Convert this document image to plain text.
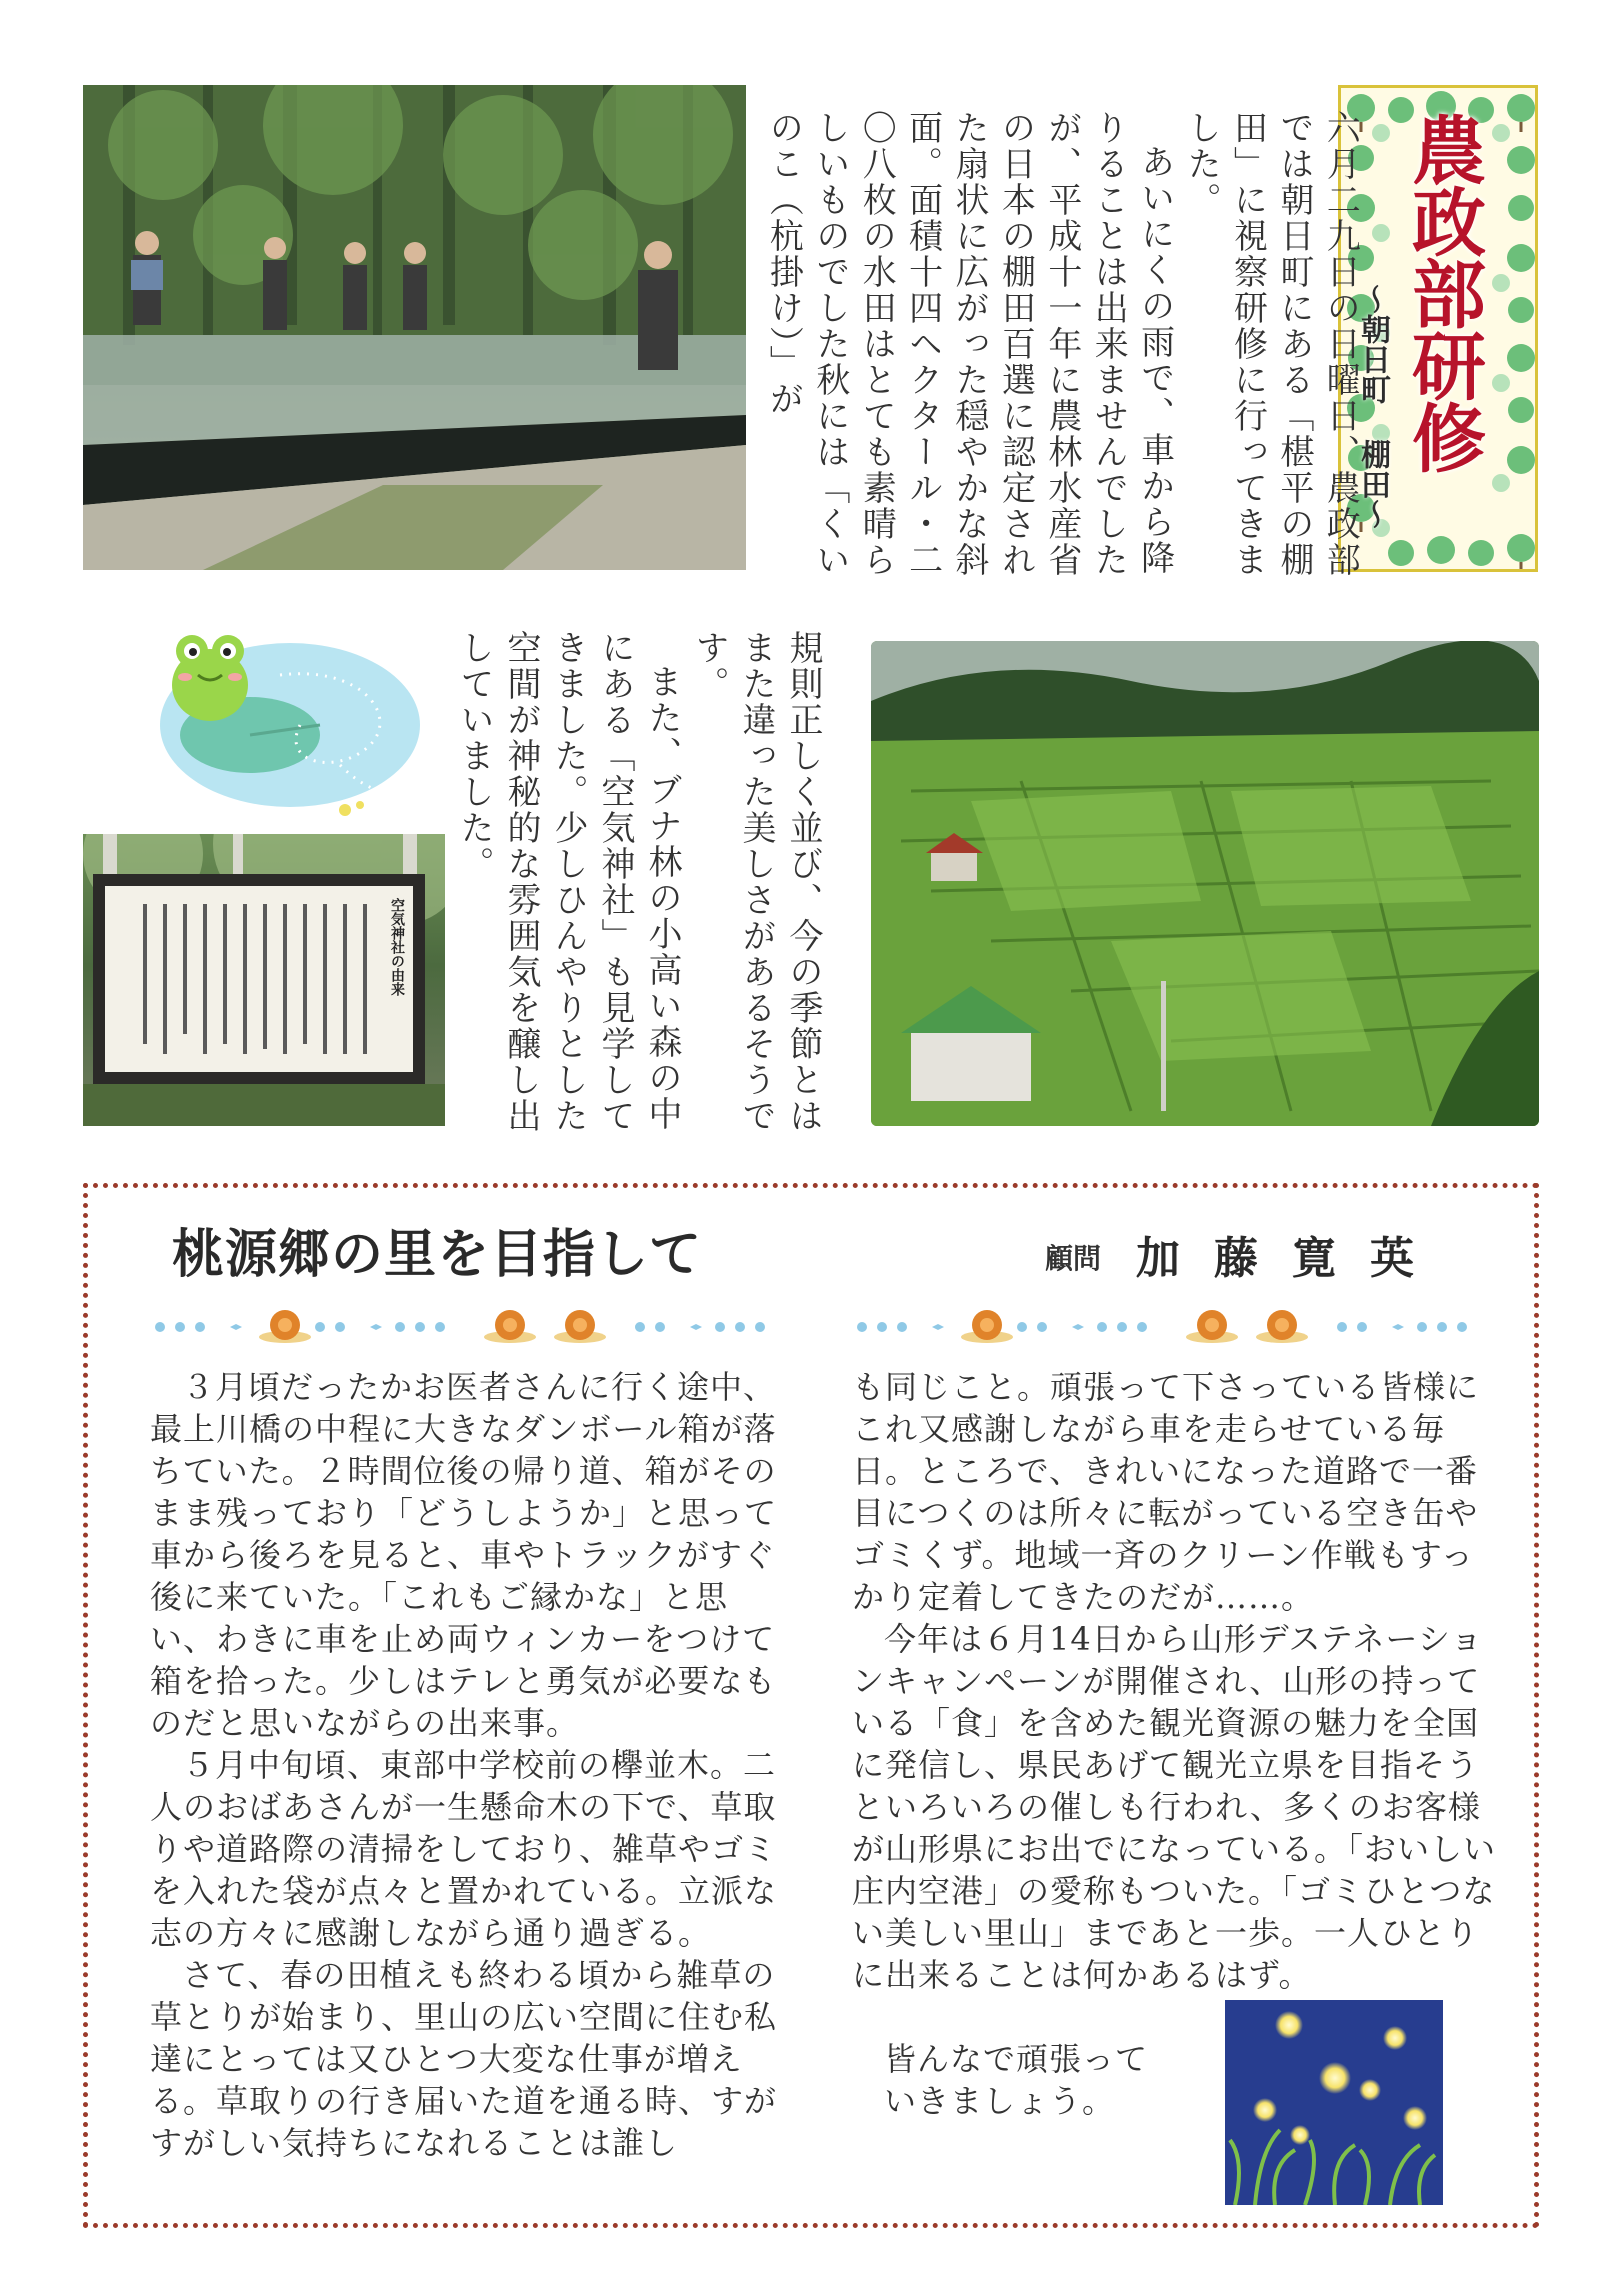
農政部研修
〜朝日町 棚田〜

六月二九日の日曜日、農政部では朝日町にある「椹平の棚田」に視察研修に行ってきました。

あいにくの雨で、車から降りることは出来ませんでしたが、平成十一年に農林水産省の日本の棚田百選に認定された扇状に広がった穏やかな斜面。面積十四ヘクタール・二〇八枚の水田はとても素晴らしいものでした秋には「くいのこ（杭掛け）」が

空気神社の由来	規則正しく並び、今の季節とはまた違った美しさがあるそうです。

また、ブナ林の小高い森の中にある「空気神社」も見学してきました。少しひんやりとした空間が神秘的な雰囲気を醸し出していました。

桃源郷の里を目指して	顧問 加藤寛英

３月頃だったかお医者さんに行く途中、最上川橋の中程に大きなダンボール箱が落ちていた。２時間位後の帰り道、箱がそのまま残っており「どうしようか」と思って車から後ろを見ると、車やトラックがすぐ後に来ていた。「これもご縁かな」と思い、わきに車を止め両ウィンカーをつけて箱を拾った。少しはテレと勇気が必要なものだと思いながらの出来事。

５月中旬頃、東部中学校前の欅並木。二人のおばあさんが一生懸命木の下で、草取りや道路際の清掃をしており、雑草やゴミを入れた袋が点々と置かれている。立派な志の方々に感謝しながら通り過ぎる。

さて、春の田植えも終わる頃から雑草の草とりが始まり、里山の広い空間に住む私達にとっては又ひとつ大変な仕事が増える。草取りの行き届いた道を通る時、すがすがしい気持ちになれることは誰し

も同じこと。頑張って下さっている皆様にこれ又感謝しながら車を走らせている毎日。ところで、きれいになった道路で一番目につくのは所々に転がっている空き缶やゴミくず。地域一斉のクリーン作戦もすっかり定着してきたのだが……。

今年は６月14日から山形デステネーションキャンペーンが開催され、山形の持っている「食」を含めた観光資源の魅力を全国に発信し、県民あげて観光立県を目指そうといろいろの催しも行われ、多くのお客様が山形県にお出でになっている。「おいしい庄内空港」の愛称もついた。「ゴミひとつない美しい里山」まであと一歩。一人ひとりに出来ることは何かあるはず。

皆んなで頑張って

いきましょう。
